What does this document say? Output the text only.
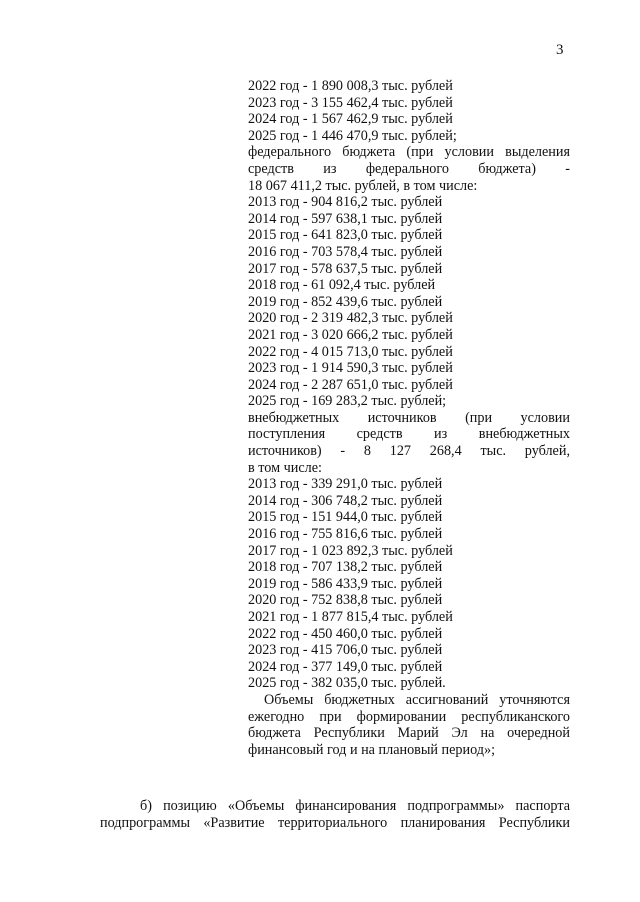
3
2022 год - 1 890 008,3 тыс. рублей
2023 год - 3 155 462,4 тыс. рублей
2024 год - 1 567 462,9 тыс. рублей
2025 год - 1 446 470,9 тыс. рублей;
федерального бюджета (при условии выделения
средств из федерального бюджета) -
18 067 411,2 тыс. рублей, в том числе:
2013 год - 904 816,2 тыс. рублей
2014 год - 597 638,1 тыс. рублей
2015 год - 641 823,0 тыс. рублей
2016 год - 703 578,4 тыс. рублей
2017 год - 578 637,5 тыс. рублей
2018 год - 61 092,4 тыс. рублей
2019 год - 852 439,6 тыс. рублей
2020 год - 2 319 482,3 тыс. рублей
2021 год - 3 020 666,2 тыс. рублей
2022 год - 4 015 713,0 тыс. рублей
2023 год - 1 914 590,3 тыс. рублей
2024 год - 2 287 651,0 тыс. рублей
2025 год - 169 283,2 тыс. рублей;
внебюджетных источников (при условии
поступления средств из внебюджетных
источников) - 8 127 268,4 тыс. рублей,
в том числе:
2013 год - 339 291,0 тыс. рублей
2014 год - 306 748,2 тыс. рублей
2015 год - 151 944,0 тыс. рублей
2016 год - 755 816,6 тыс. рублей
2017 год - 1 023 892,3 тыс. рублей
2018 год - 707 138,2 тыс. рублей
2019 год - 586 433,9 тыс. рублей
2020 год - 752 838,8 тыс. рублей
2021 год - 1 877 815,4 тыс. рублей
2022 год - 450 460,0 тыс. рублей
2023 год - 415 706,0 тыс. рублей
2024 год - 377 149,0 тыс. рублей
2025 год - 382 035,0 тыс. рублей.
Объемы бюджетных ассигнований уточняются ежегодно при формировании республиканского бюджета Республики Марий Эл на очередной финансовый год и на плановый период»;
б) позицию «Объемы финансирования подпрограммы» паспорта
подпрограммы «Развитие территориального планирования Республики
